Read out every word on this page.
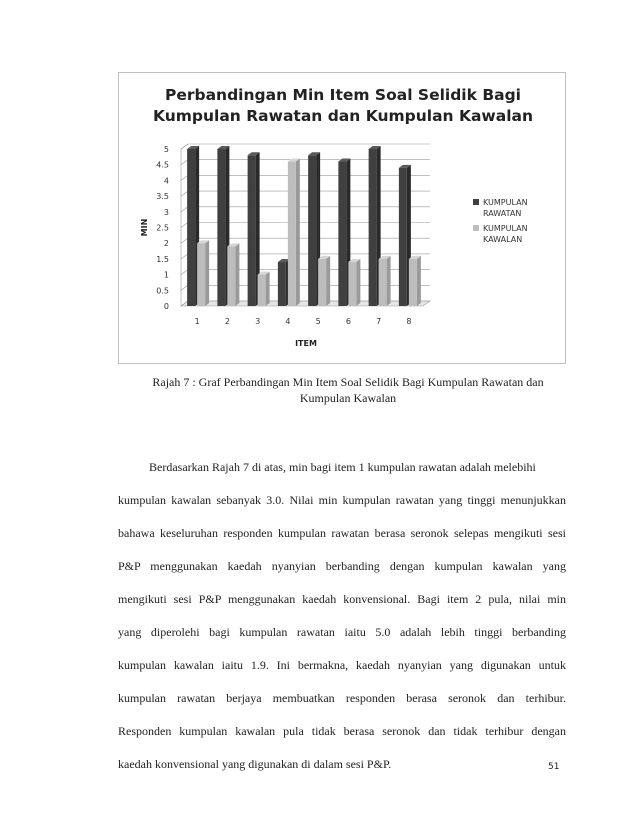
Perbandingan Min Item Soal Selidik Bagi
Kumpulan Rawatan dan Kumpulan Kawalan
0
0.5
1
1.5
2
2.5
3
3.5
4
4.5
5
1	2	3	4	5	6	7	8
ITEM
MIN
KUMPULAN
RAWATAN
KUMPULAN
KAWALAN
Rajah 7 : Graf Perbandingan Min Item Soal Selidik Bagi Kumpulan Rawatan dan
Kumpulan Kawalan
Berdasarkan Rajah 7 di atas, min bagi item 1 kumpulan rawatan adalah melebihi
kumpulan kawalan sebanyak 3.0. Nilai min kumpulan rawatan yang tinggi menunjukkan
bahawa keseluruhan responden kumpulan rawatan berasa seronok selepas mengikuti sesi
P&P menggunakan kaedah nyanyian berbanding dengan kumpulan kawalan yang
mengikuti sesi P&P menggunakan kaedah konvensional. Bagi item 2 pula, nilai min
yang diperolehi bagi kumpulan rawatan iaitu 5.0 adalah lebih tinggi berbanding
kumpulan kawalan iaitu 1.9. Ini bermakna, kaedah nyanyian yang digunakan untuk
kumpulan rawatan berjaya membuatkan responden berasa seronok dan terhibur.
Responden kumpulan kawalan pula tidak berasa seronok dan tidak terhibur dengan
kaedah konvensional yang digunakan di dalam sesi P&P.	51
